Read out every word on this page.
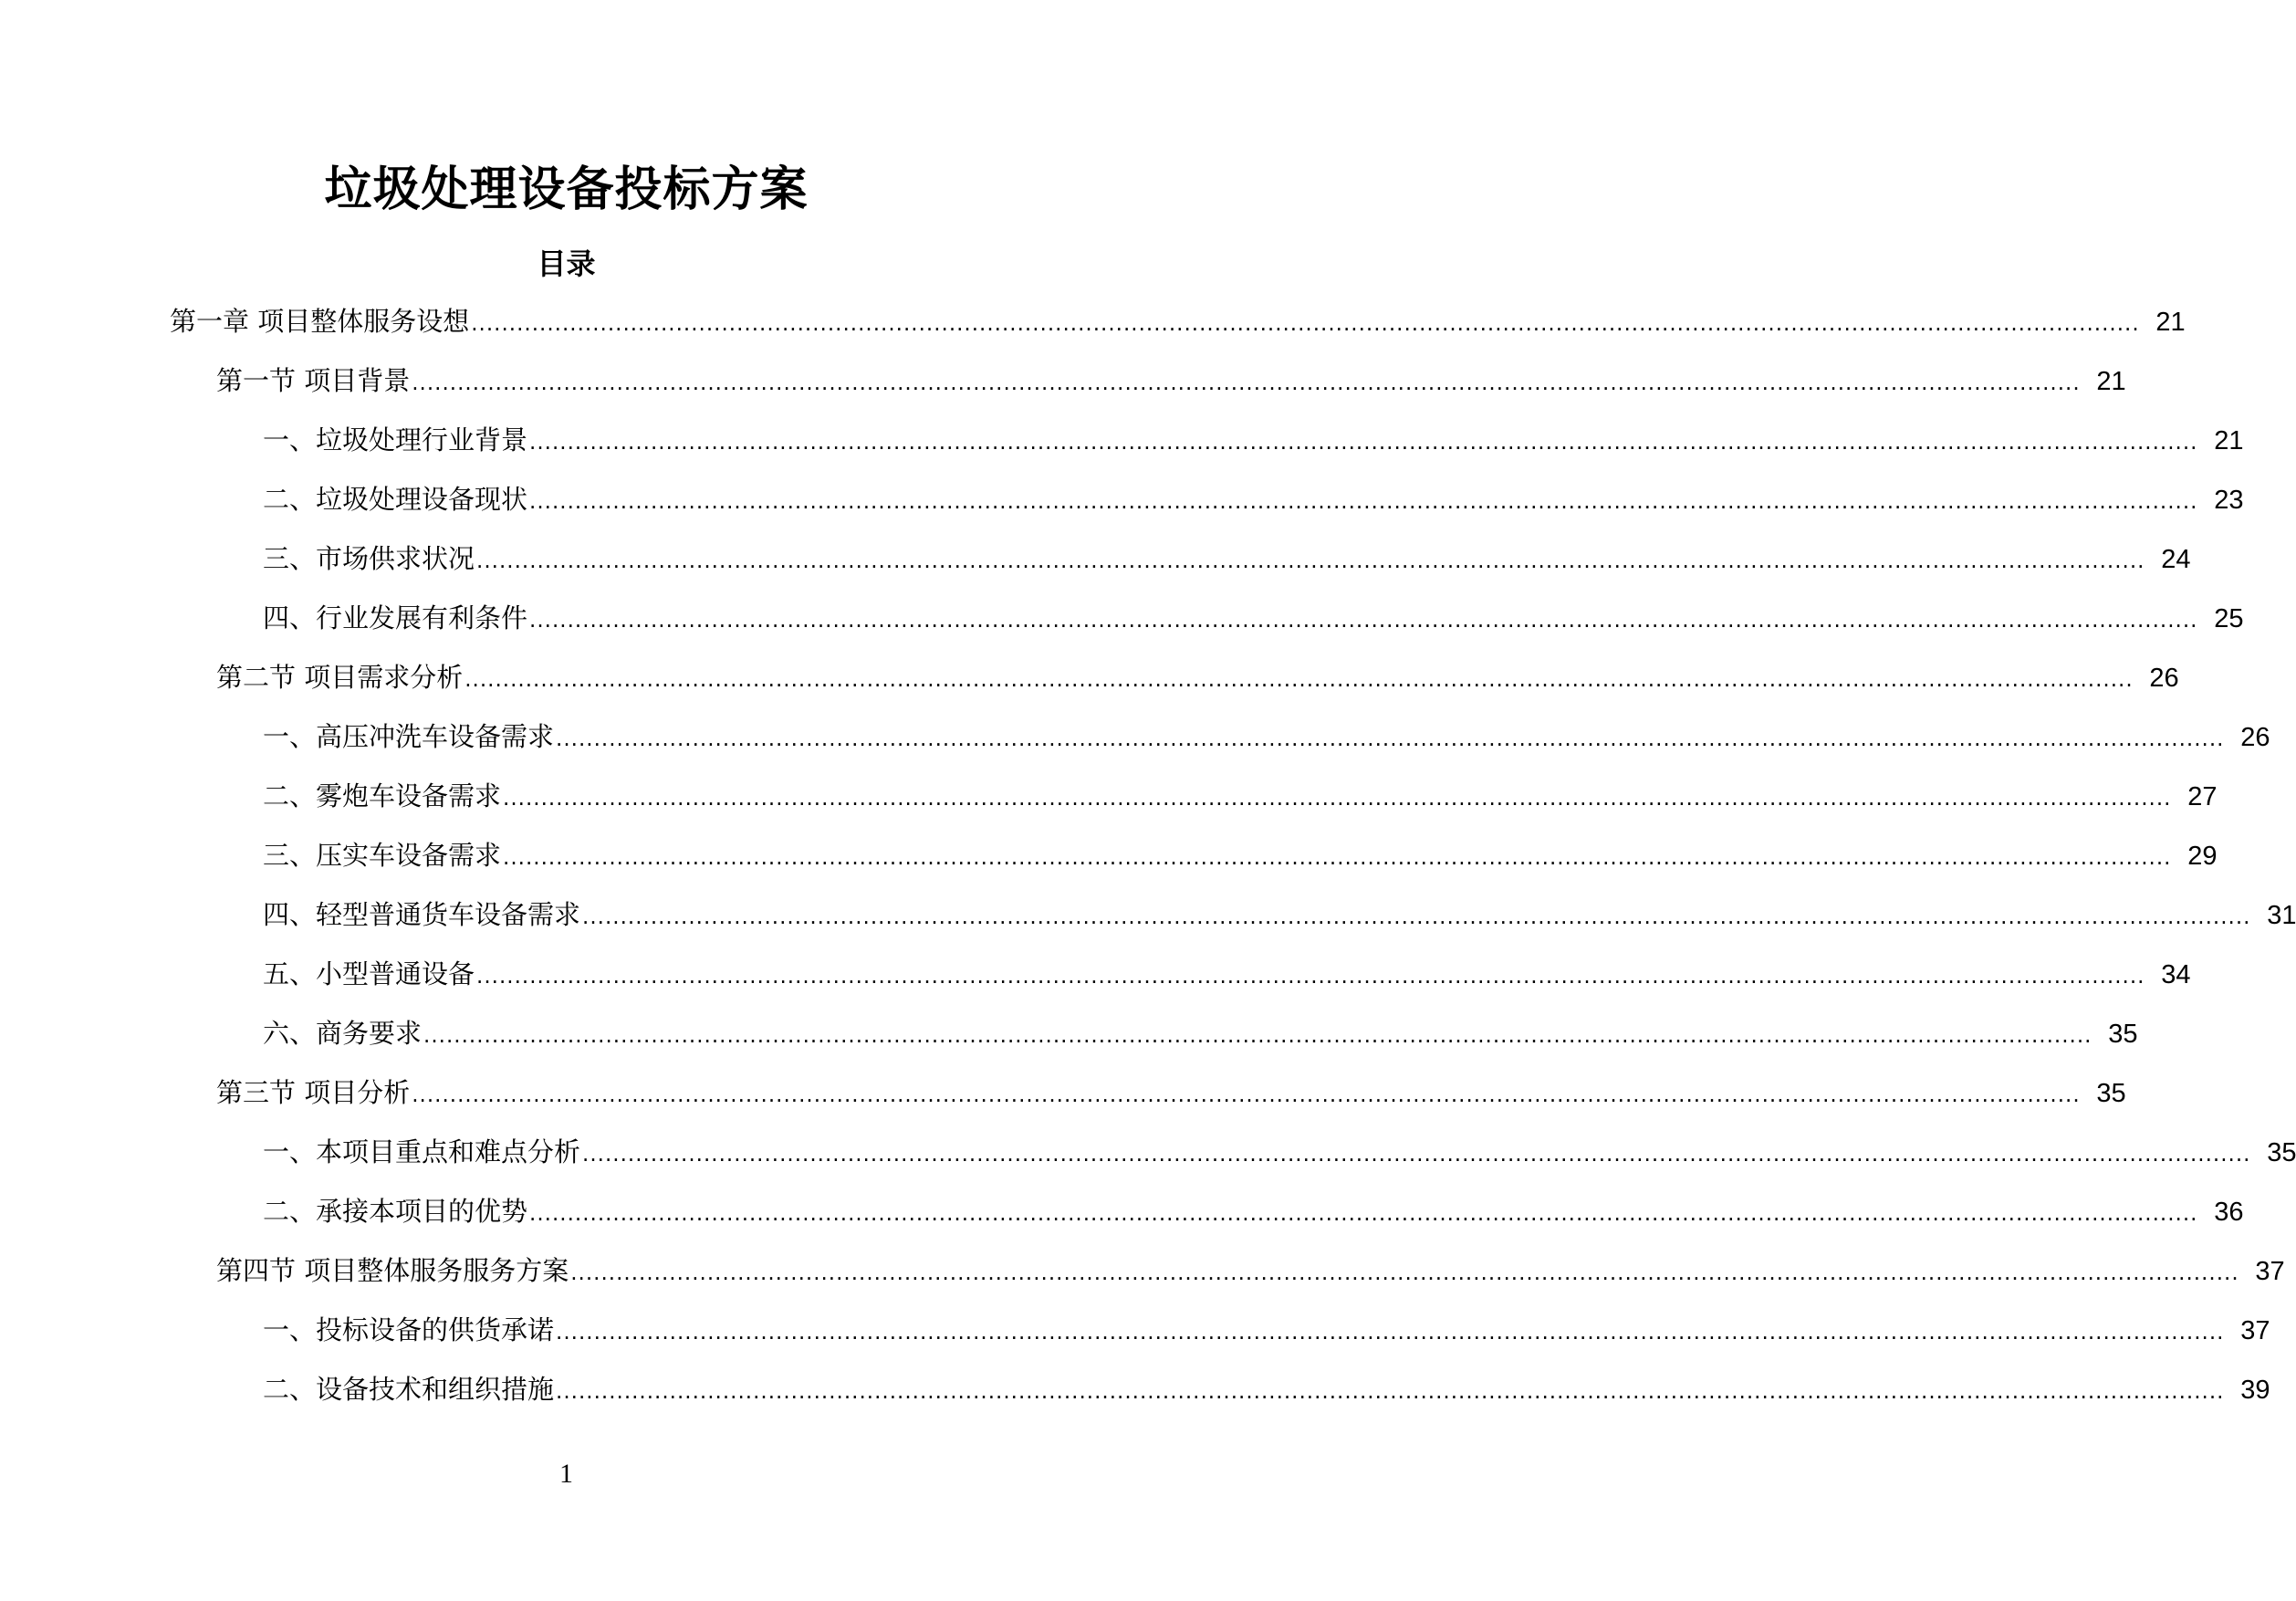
垃圾处理设备投标方案
目录
第一章 项目整体服务设想 ............................................................................................................................................................................................................................ 21
第一节 项目背景 ............................................................................................................................................................................................................................ 21
一、垃圾处理行业背景 ............................................................................................................................................................................................................................ 21
二、垃圾处理设备现状 ............................................................................................................................................................................................................................ 23
三、市场供求状况 ............................................................................................................................................................................................................................ 24
四、行业发展有利条件 ............................................................................................................................................................................................................................ 25
第二节 项目需求分析 ............................................................................................................................................................................................................................ 26
一、高压冲洗车设备需求 ............................................................................................................................................................................................................................ 26
二、雾炮车设备需求 ............................................................................................................................................................................................................................ 27
三、压实车设备需求 ............................................................................................................................................................................................................................ 29
四、轻型普通货车设备需求 ............................................................................................................................................................................................................................ 31
五、小型普通设备 ............................................................................................................................................................................................................................ 34
六、商务要求 ............................................................................................................................................................................................................................ 35
第三节 项目分析 ............................................................................................................................................................................................................................ 35
一、本项目重点和难点分析 ............................................................................................................................................................................................................................ 35
二、承接本项目的优势 ............................................................................................................................................................................................................................ 36
第四节 项目整体服务服务方案 ............................................................................................................................................................................................................................ 37
一、投标设备的供货承诺 ............................................................................................................................................................................................................................ 37
二、设备技术和组织措施 ............................................................................................................................................................................................................................ 39
1
